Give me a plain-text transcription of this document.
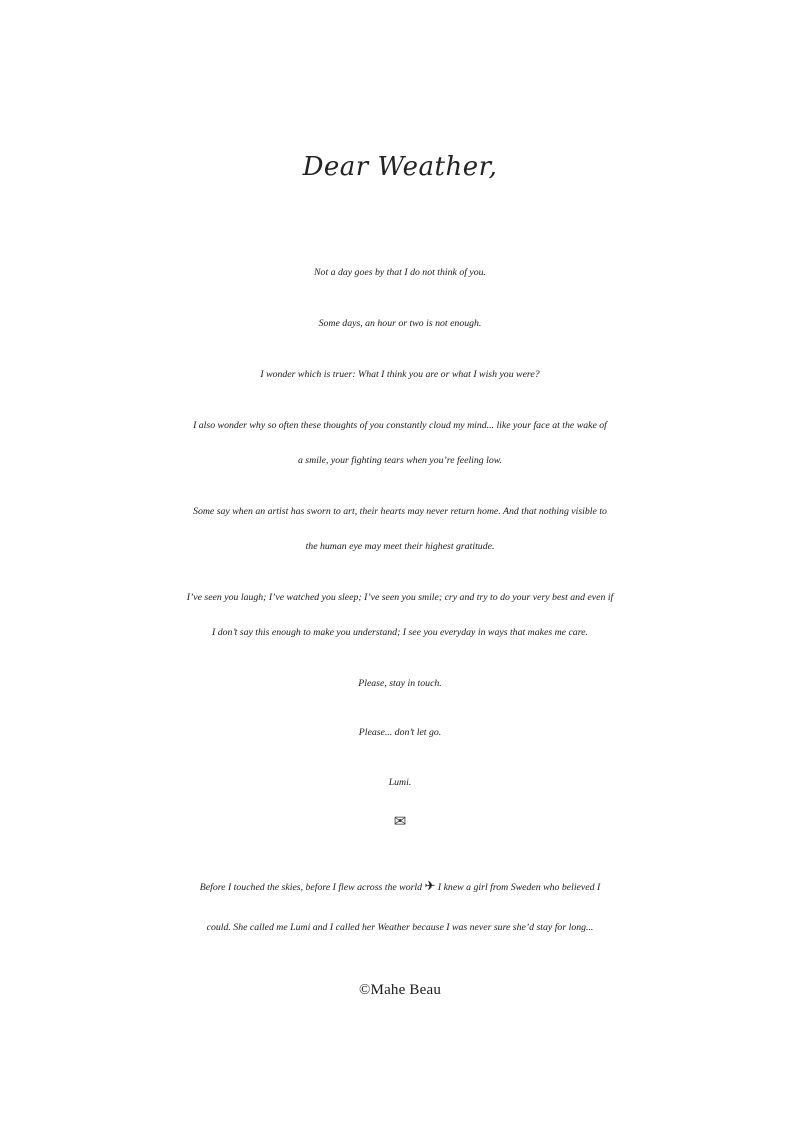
Dear Weather,

Not a day goes by that I do not think of you.

Some days, an hour or two is not enough.

I wonder which is truer: What I think you are or what I wish you were?

I also wonder why so often these thoughts of you constantly cloud my mind... like your face at the wake of

a smile, your fighting tears when you’re feeling low.

Some say when an artist has sworn to art, their hearts may never return home. And that nothing visible to

the human eye may meet their highest gratitude.

I’ve seen you laugh; I’ve watched you sleep; I’ve seen you smile; cry and try to do your very best and even if

I don’t say this enough to make you understand; I see you everyday in ways that makes me care.

Please, stay in touch.

Please... don’t let go.

Lumi.

✉

Before I touched the skies, before I flew across the world ✈ I knew a girl from Sweden who believed I

could. She called me Lumi and I called her Weather because I was never sure she’d stay for long...

©Mahe Beau
